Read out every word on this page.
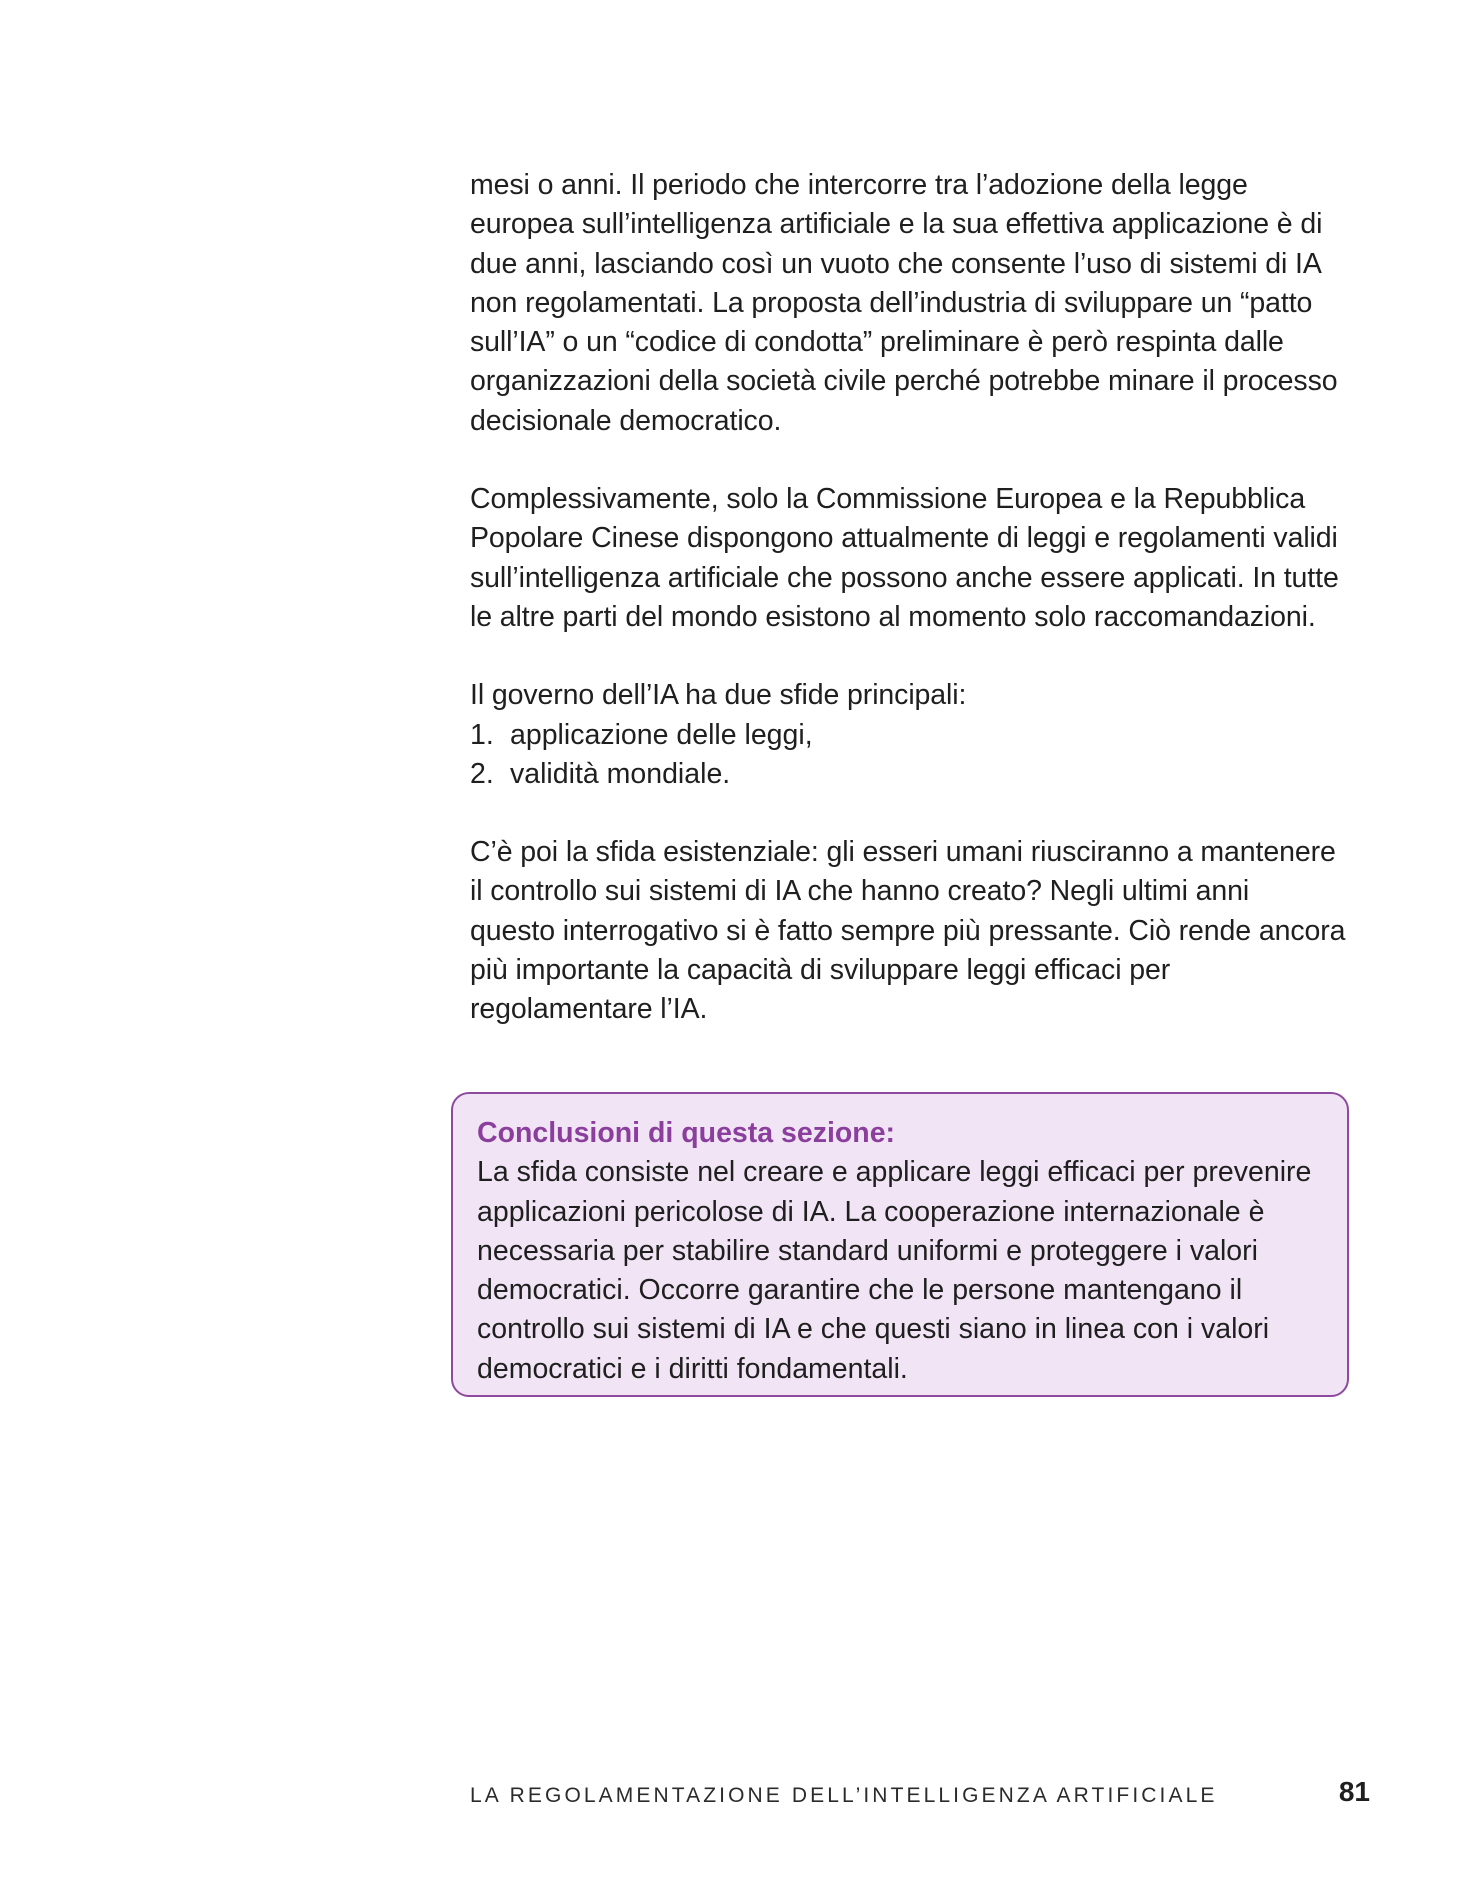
mesi o anni. Il periodo che intercorre tra l’adozione della legge
europea sull’intelligenza artificiale e la sua effettiva applicazione è di
due anni, lasciando così un vuoto che consente l’uso di sistemi di IA
non regolamentati. La proposta dell’industria di sviluppare un “patto
sull’IA” o un “codice di condotta” preliminare è però respinta dalle
organizzazioni della società civile perché potrebbe minare il processo
decisionale democratico.

Complessivamente, solo la Commissione Europea e la Repubblica
Popolare Cinese dispongono attualmente di leggi e regolamenti validi
sull’intelligenza artificiale che possono anche essere applicati. In tutte
le altre parti del mondo esistono al momento solo raccomandazioni.

Il governo dell’IA ha due sfide principali:

1. applicazione delle leggi,
2. validità mondiale.

C’è poi la sfida esistenziale: gli esseri umani riusciranno a mantenere
il controllo sui sistemi di IA che hanno creato? Negli ultimi anni
questo interrogativo si è fatto sempre più pressante. Ciò rende ancora
più importante la capacità di sviluppare leggi efficaci per
regolamentare l’IA.

Conclusioni di questa sezione:
La sfida consiste nel creare e applicare leggi efficaci per prevenire
applicazioni pericolose di IA. La cooperazione internazionale è
necessaria per stabilire standard uniformi e proteggere i valori
democratici. Occorre garantire che le persone mantengano il
controllo sui sistemi di IA e che questi siano in linea con i valori
democratici e i diritti fondamentali.
LA REGOLAMENTAZIONE DELL’INTELLIGENZA ARTIFICIALE	81
